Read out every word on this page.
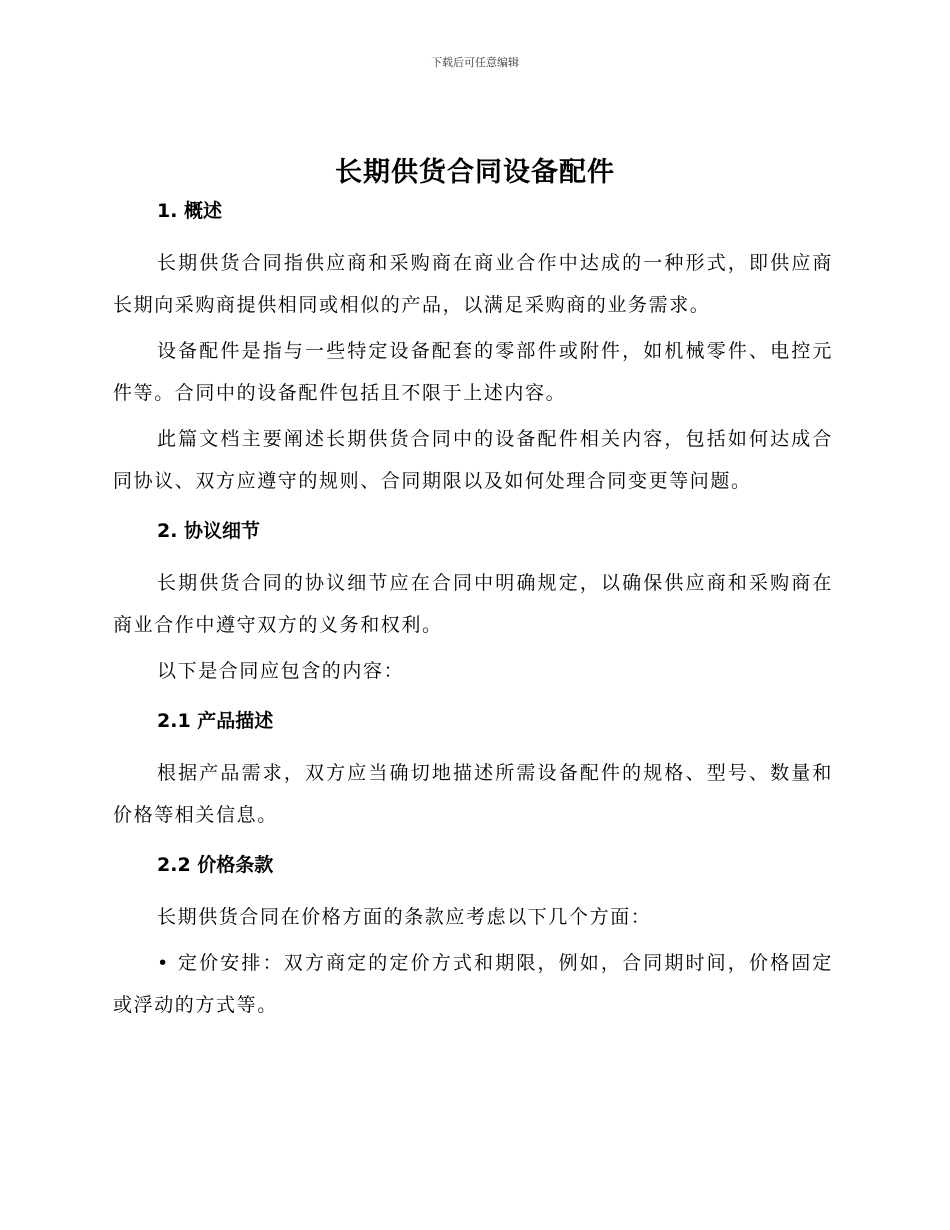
下载后可任意编辑
长期供货合同设备配件
1. 概述

长期供货合同指供应商和采购商在商业合作中达成的一种形式，即供应商长期向采购商提供相同或相似的产品，以满足采购商的业务需求。

设备配件是指与一些特定设备配套的零部件或附件，如机械零件、电控元件等。合同中的设备配件包括且不限于上述内容。

此篇文档主要阐述长期供货合同中的设备配件相关内容，包括如何达成合同协议、双方应遵守的规则、合同期限以及如何处理合同变更等问题。

2. 协议细节

长期供货合同的协议细节应在合同中明确规定，以确保供应商和采购商在商业合作中遵守双方的义务和权利。

以下是合同应包含的内容：

2.1 产品描述

根据产品需求，双方应当确切地描述所需设备配件的规格、型号、数量和价格等相关信息。

2.2 价格条款

长期供货合同在价格方面的条款应考虑以下几个方面：

• 定价安排：双方商定的定价方式和期限，例如，合同期时间，价格固定或浮动的方式等。
